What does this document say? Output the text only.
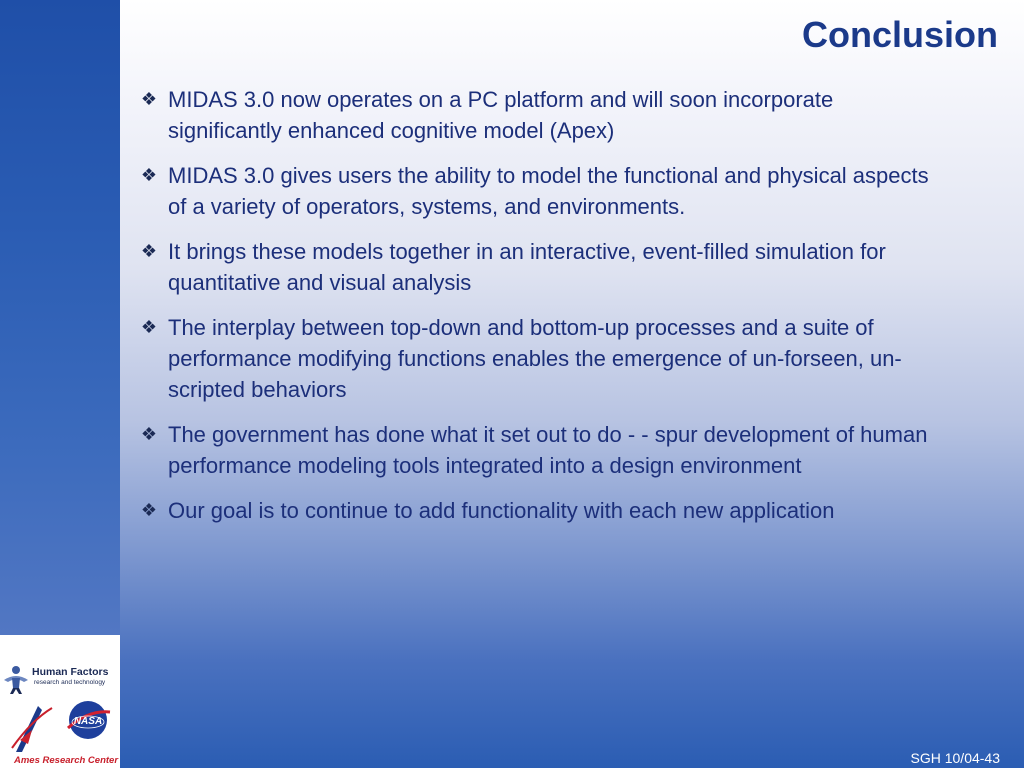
Conclusion
❖ MIDAS 3.0 now operates on a PC platform and will soon incorporate significantly enhanced cognitive model (Apex)
❖ MIDAS 3.0 gives users the ability to model the functional and physical aspects of a variety of operators, systems, and environments.
❖ It brings these models together in an interactive, event-filled simulation for quantitative and visual analysis
❖ The interplay between top-down and bottom-up processes and a suite of performance modifying functions enables the emergence of un-forseen, un-scripted behaviors
❖ The government has done what it set out to do - - spur development of human performance modeling tools integrated into a design environment
❖ Our goal is to continue to add functionality with each new application
Human Factors
research and technology
NASA
Ames Research Center	SGH 10/04-43
